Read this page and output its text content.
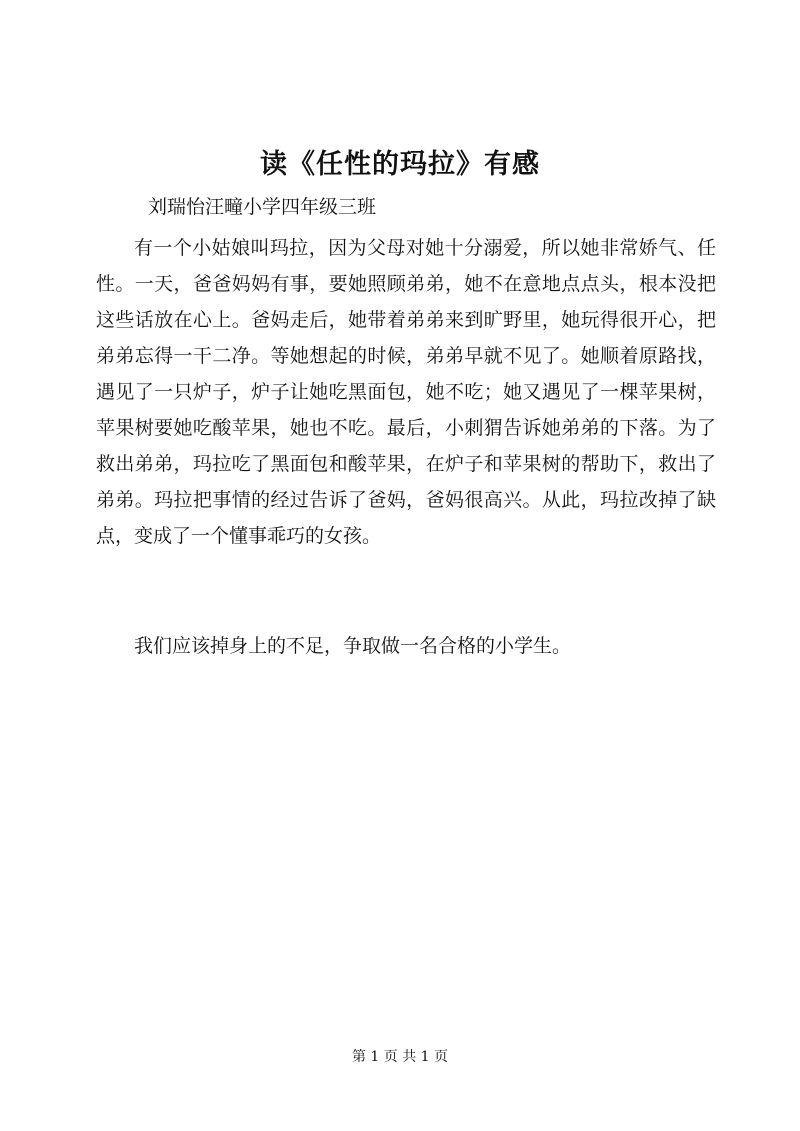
读《任性的玛拉》有感

刘瑞怡汪疃小学四年级三班

有一个小姑娘叫玛拉，因为父母对她十分溺爱，所以她非常娇气、任性。一天，爸爸妈妈有事，要她照顾弟弟，她不在意地点点头，根本没把这些话放在心上。爸妈走后，她带着弟弟来到旷野里，她玩得很开心，把弟弟忘得一干二净。等她想起的时候，弟弟早就不见了。她顺着原路找，遇见了一只炉子，炉子让她吃黑面包，她不吃；她又遇见了一棵苹果树，苹果树要她吃酸苹果，她也不吃。最后，小刺猬告诉她弟弟的下落。为了救出弟弟，玛拉吃了黑面包和酸苹果，在炉子和苹果树的帮助下，救出了弟弟。玛拉把事情的经过告诉了爸妈，爸妈很高兴。从此，玛拉改掉了缺点，变成了一个懂事乖巧的女孩。

我们应该掉身上的不足，争取做一名合格的小学生。

第 1 页 共 1 页
